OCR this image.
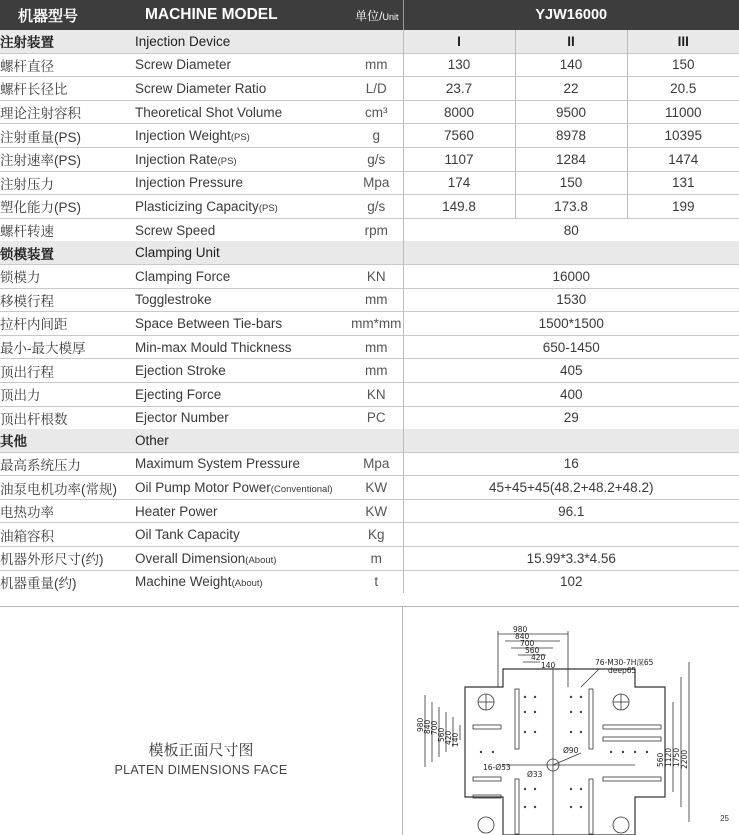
机器型号	MACHINE MODEL	单位/Unit	YJW16000		
注射装置	Injection Device		I	II	III
螺杆直径	Screw Diameter	mm	130	140	150
螺杆长径比	Screw Diameter Ratio	L/D	23.7	22	20.5
理论注射容积	Theoretical Shot Volume	cm³	8000	9500	11000
注射重量(PS)	Injection Weight(PS)	g	7560	8978	10395
注射速率(PS)	Injection Rate(PS)	g/s	1107	1284	1474
注射压力	Injection Pressure	Mpa	174	150	131
塑化能力(PS)	Plasticizing Capacity(PS)	g/s	149.8	173.8	199
螺杆转速	Screw Speed	rpm	80		
锁模装置	Clamping Unit				
锁模力	Clamping Force	KN	16000		
移模行程	Togglestroke	mm	1530		
拉杆内间距	Space Between Tie-bars	mm*mm	1500*1500		
最小-最大模厚	Min-max Mould Thickness	mm	650-1450		
顶出行程	Ejection Stroke	mm	405		
顶出力	Ejecting Force	KN	400		
顶出杆根数	Ejector Number	PC	29		
其他	Other				
最高系统压力	Maximum System Pressure	Mpa	16		
油泵电机功率(常规)	Oil Pump Motor Power(Conventional)	KW	45+45+45(48.2+48.2+48.2)		
电热功率	Heater Power	KW	96.1		
油箱容积	Oil Tank Capacity	Kg			
机器外形尺寸(约)	Overall Dimension(About)	m	15.99*3.3*4.56		
机器重量(约)	Machine Weight(About)	t	102		
模板正面尺寸图
PLATEN DIMENSIONS FACE
980
840
700
560
420
140
980
840
700
560
420
140
560 1120 1750 2200
76-M30-7H深65
deep65
16-Ø53
Ø33
Ø90
25
